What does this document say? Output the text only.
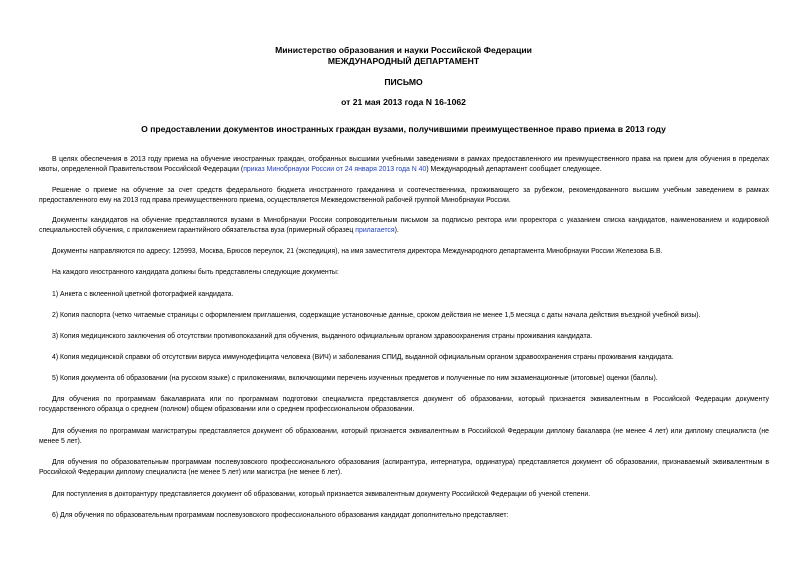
Министерство образования и науки Российской Федерации
МЕЖДУНАРОДНЫЙ ДЕПАРТАМЕНТ
ПИСЬМО
от 21 мая 2013 года N 16-1062
О предоставлении документов иностранных граждан вузами, получившими преимущественное право приема в 2013 году
В целях обеспечения в 2013 году приема на обучение иностранных граждан, отобранных высшими учебными заведениями в рамках предоставленного им преимущественного права на прием для обучения в пределах квоты, определенной Правительством Российской Федерации (приказ Минобрнауки России от 24 января 2013 года N 40) Международный департамент сообщает следующее.
Решение о приеме на обучение за счет средств федерального бюджета иностранного гражданина и соотечественника, проживающего за рубежом, рекомендованного высшим учебным заведением в рамках предоставленного ему на 2013 год права преимущественного приема, осуществляется Межведомственной рабочей группой Минобрнауки России.
Документы кандидатов на обучение представляются вузами в Минобрнауки России сопроводительным письмом за подписью ректора или проректора с указанием списка кандидатов, наименованием и кодировкой специальностей обучения, с приложением гарантийного обязательства вуза (примерный образец прилагается).
Документы направляются по адресу: 125993, Москва, Брюсов переулок, 21 (экспедиция), на имя заместителя директора Международного департамента Минобрнауки России Железова Б.В.
На каждого иностранного кандидата должны быть представлены следующие документы:
1) Анкета с вклеенной цветной фотографией кандидата.
2) Копия паспорта (четко читаемые страницы с оформлением приглашения, содержащие установочные данные, сроком действия не менее 1,5 месяца с даты начала действия въездной учебной визы).
3) Копия медицинского заключения об отсутствии противопоказаний для обучения, выданного официальным органом здравоохранения страны проживания кандидата.
4) Копия медицинской справки об отсутствии вируса иммунодефицита человека (ВИЧ) и заболевания СПИД, выданной официальным органом здравоохранения страны проживания кандидата.
5) Копия документа об образовании (на русском языке) с приложениями, включающими перечень изученных предметов и полученные по ним экзаменационные (итоговые) оценки (баллы).
Для обучения по программам бакалавриата или по программам подготовки специалиста представляется документ об образовании, который признается эквивалентным в Российской Федерации документу государственного образца о среднем (полном) общем образовании или о среднем профессиональном образовании.
Для обучения по программам магистратуры представляется документ об образовании, который признается эквивалентным в Российской Федерации диплому бакалавра (не менее 4 лет) или диплому специалиста (не менее 5 лет).
Для обучения по образовательным программам послевузовского профессионального образования (аспирантура, интернатура, ординатура) представляется документ об образовании, признаваемый эквивалентным в Российской Федерации диплому специалиста (не менее 5 лет) или магистра (не менее 6 лет).
Для поступления в докторантуру представляется документ об образовании, который признается эквивалентным документу Российской Федерации об ученой степени.
6) Для обучения по образовательным программам послевузовского профессионального образования кандидат дополнительно представляет:
